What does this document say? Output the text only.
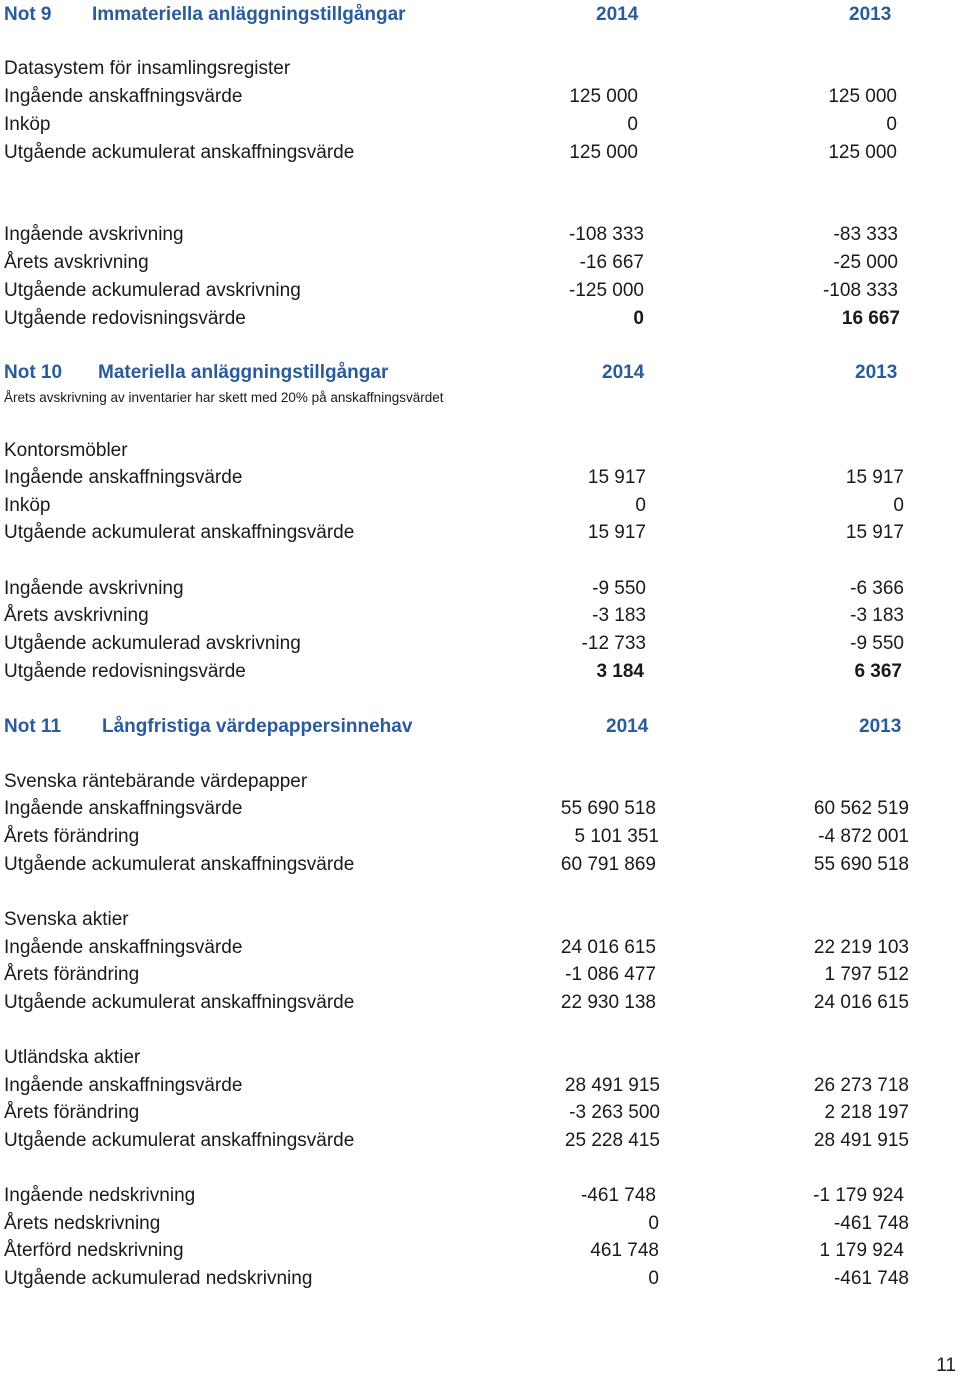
Not 9 Immateriella anläggningstillgångar	2014	2013
Datasystem för insamlingsregister
Ingående anskaffningsvärde	125 000	125 000
Inköp	0	0
Utgående ackumulerat anskaffningsvärde	125 000	125 000
Ingående avskrivning	-108 333	-83 333
Årets avskrivning	-16 667	-25 000
Utgående ackumulerad avskrivning	-125 000	-108 333
Utgående redovisningsvärde	0	16 667
Not 10 Materiella anläggningstillgångar	2014	2013
Årets avskrivning av inventarier har skett med 20% på anskaffningsvärdet
Kontorsmöbler
Ingående anskaffningsvärde	15 917	15 917
Inköp	0	0
Utgående ackumulerat anskaffningsvärde	15 917	15 917
Ingående avskrivning	-9 550	-6 366
Årets avskrivning	-3 183	-3 183
Utgående ackumulerad avskrivning	-12 733	-9 550
Utgående redovisningsvärde	3 184	6 367
Not 11 Långfristiga värdepappersinnehav	2014	2013
Svenska räntebärande värdepapper
Ingående anskaffningsvärde	55 690 518	60 562 519
Årets förändring	5 101 351	-4 872 001
Utgående ackumulerat anskaffningsvärde	60 791 869	55 690 518
Svenska aktier
Ingående anskaffningsvärde	24 016 615	22 219 103
Årets förändring	-1 086 477	1 797 512
Utgående ackumulerat anskaffningsvärde	22 930 138	24 016 615
Utländska aktier
Ingående anskaffningsvärde	28 491 915	26 273 718
Årets förändring	-3 263 500	2 218 197
Utgående ackumulerat anskaffningsvärde	25 228 415	28 491 915
Ingående nedskrivning	-461 748	-1 179 924
Årets nedskrivning	0	-461 748
Återförd nedskrivning	461 748	1 179 924
Utgående ackumulerad nedskrivning	0	-461 748
11
